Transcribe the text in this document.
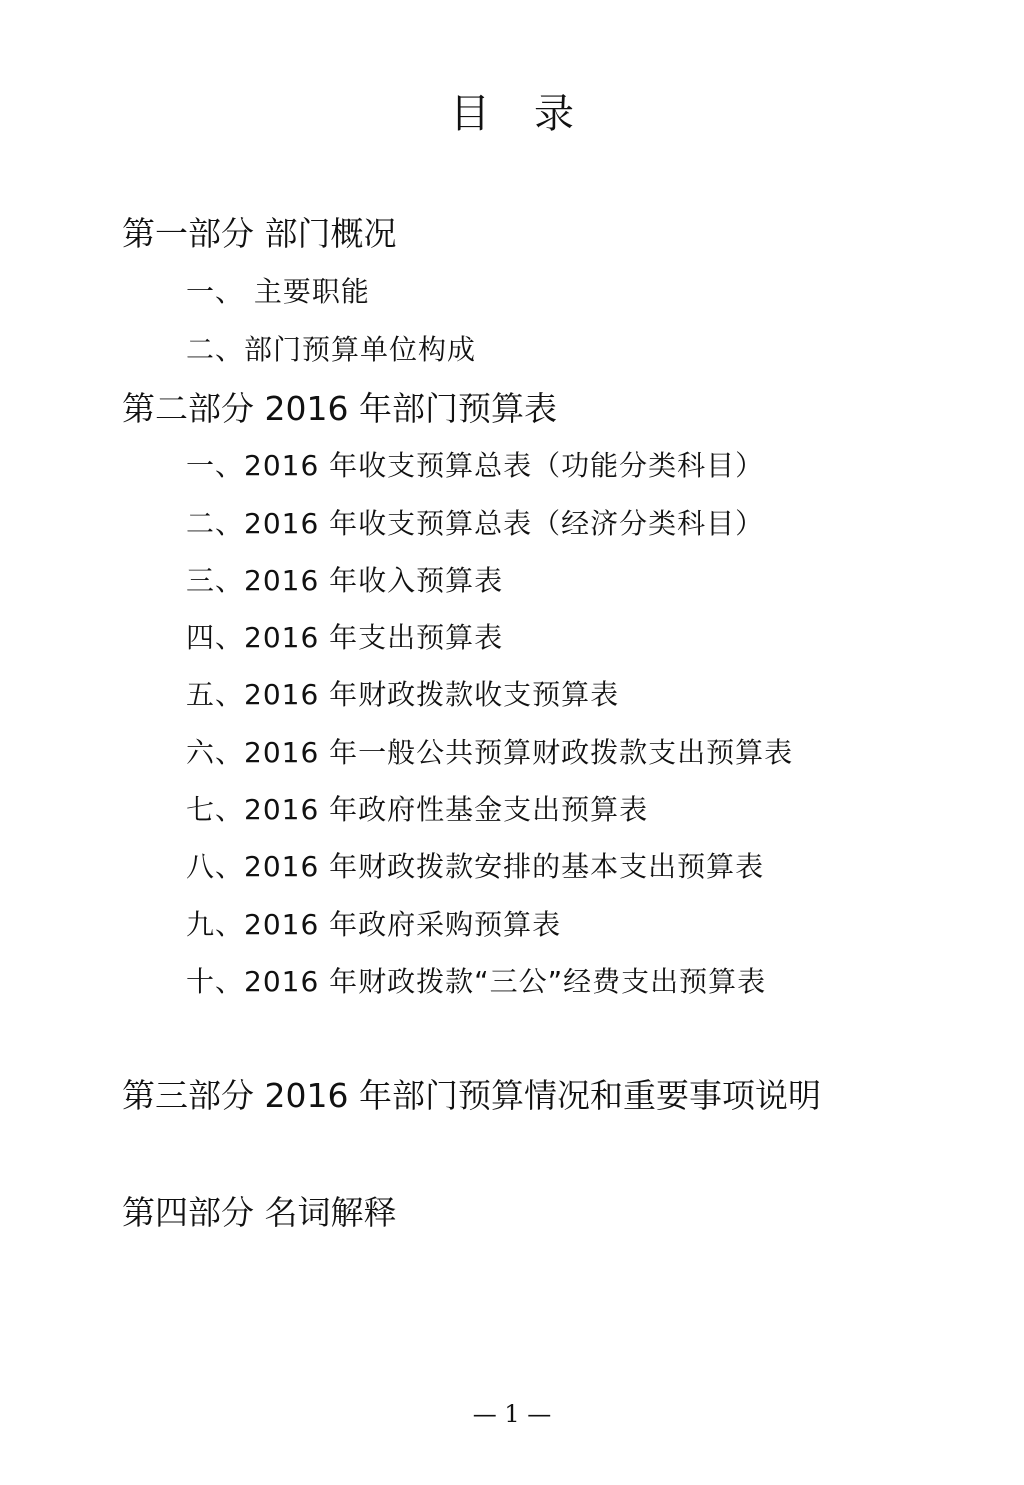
目录
第一部分 部门概况
一、 主要职能
二、部门预算单位构成
第二部分 2016 年部门预算表
一、2016 年收支预算总表（功能分类科目）
二、2016 年收支预算总表（经济分类科目）
三、2016 年收入预算表
四、2016 年支出预算表
五、2016 年财政拨款收支预算表
六、2016 年一般公共预算财政拨款支出预算表
七、2016 年政府性基金支出预算表
八、2016 年财政拨款安排的基本支出预算表
九、2016 年政府采购预算表
十、2016 年财政拨款“三公”经费支出预算表
第三部分 2016 年部门预算情况和重要事项说明
第四部分 名词解释
— 1 —
